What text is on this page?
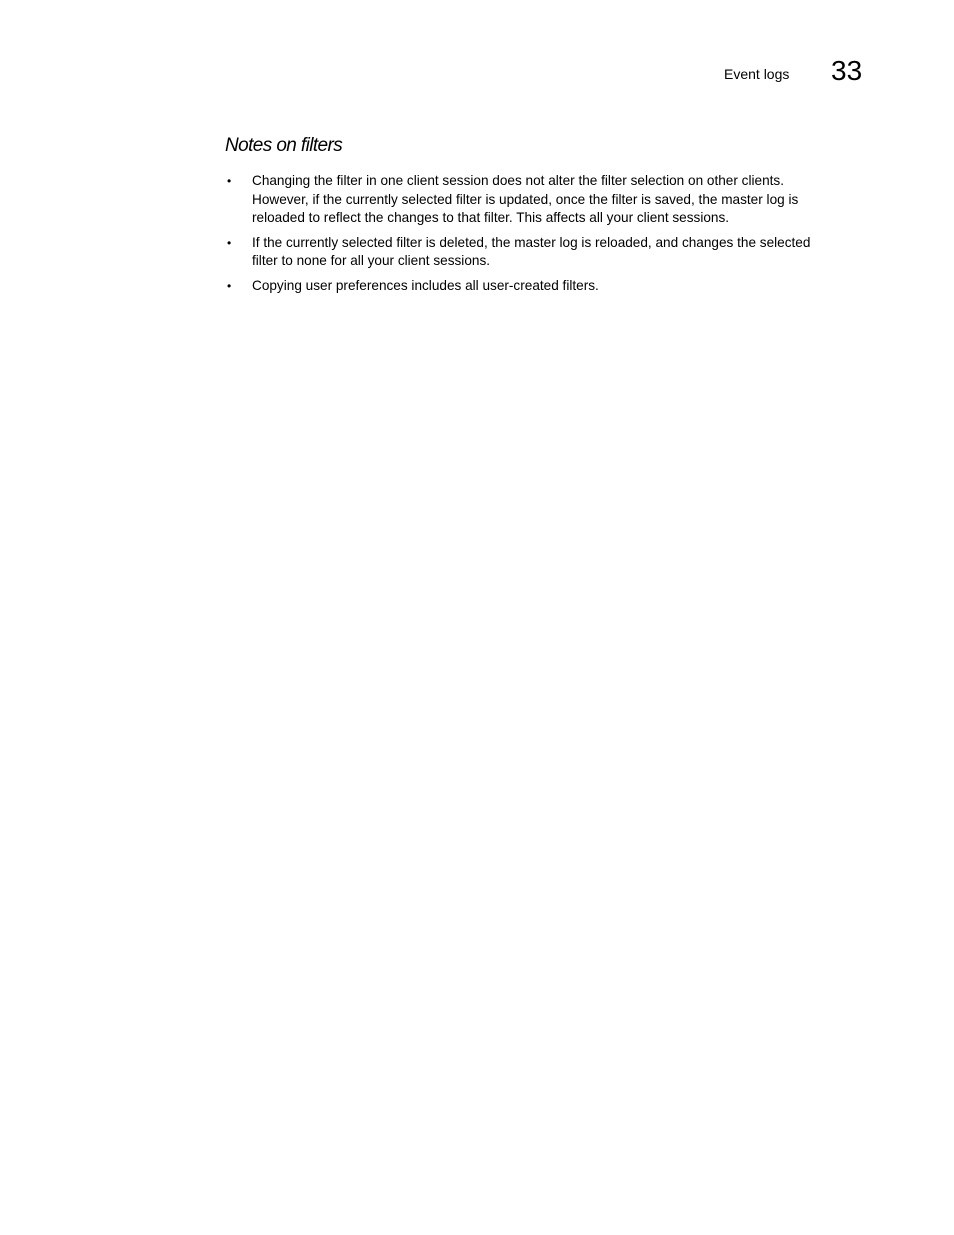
Event logs 33
Notes on filters
• Changing the filter in one client session does not alter the filter selection on other clients.
However, if the currently selected filter is updated, once the filter is saved, the master log is
reloaded to reflect the changes to that filter. This affects all your client sessions.
• If the currently selected filter is deleted, the master log is reloaded, and changes the selected
filter to none for all your client sessions.
• Copying user preferences includes all user-created filters.
